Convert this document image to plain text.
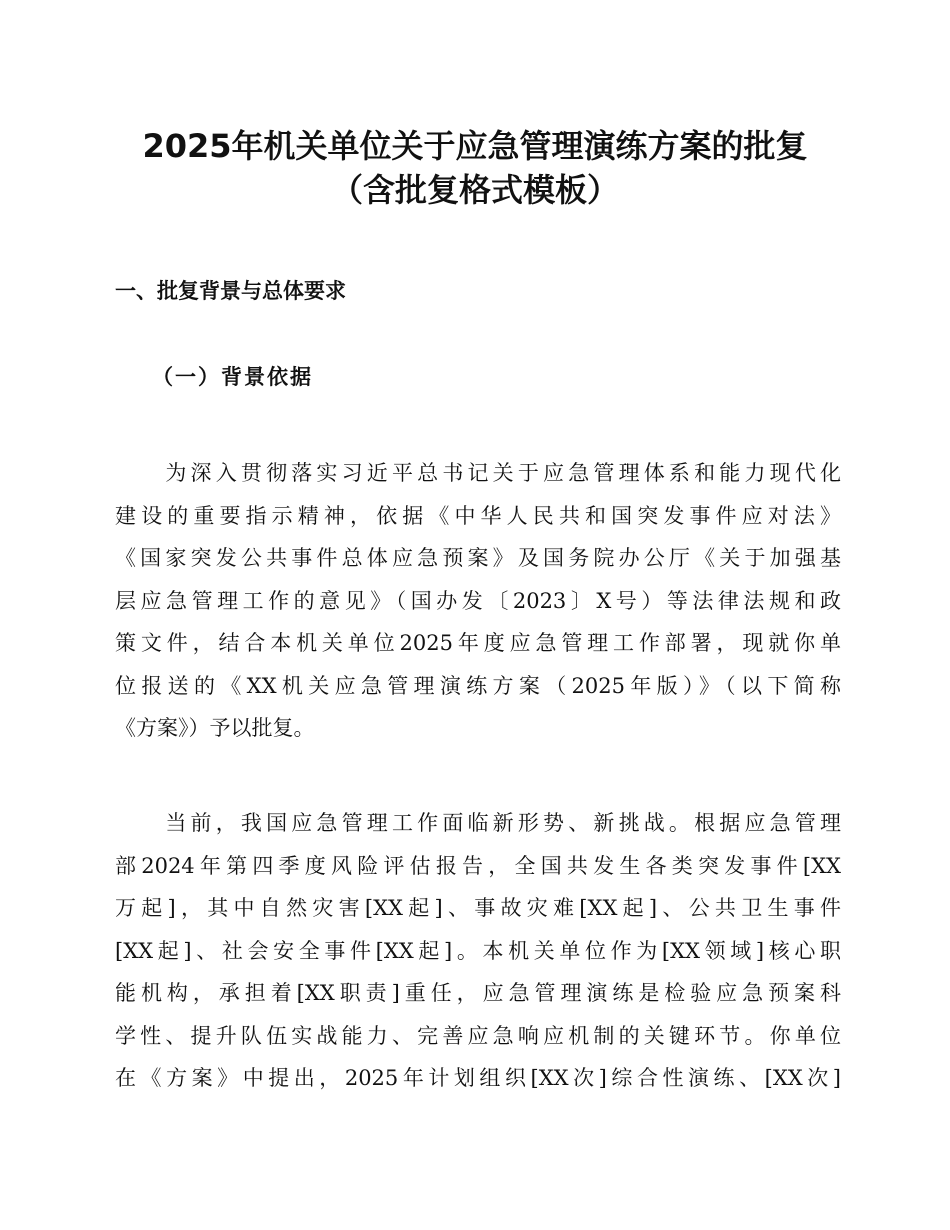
2025年机关单位关于应急管理演练方案的批复
（含批复格式模板）
一、批复背景与总体要求
（一）背景依据
　　为深入贯彻落实习近平总书记关于应急管理体系和能力现代化
建设的重要指示精神，依据《中华人民共和国突发事件应对法》
《国家突发公共事件总体应急预案》及国务院办公厅《关于加强基
层应急管理工作的意见》（国办发〔2023〕X号）等法律法规和政
策文件，结合本机关单位2025年度应急管理工作部署，现就你单
位报送的《XX机关应急管理演练方案（2025年版）》（以下简称
《方案》）予以批复。
　　当前，我国应急管理工作面临新形势、新挑战。根据应急管理
部2024年第四季度风险评估报告，全国共发生各类突发事件[XX
万起]，其中自然灾害[XX起]、事故灾难[XX起]、公共卫生事件
[XX起]、社会安全事件[XX起]。本机关单位作为[XX领域]核心职
能机构，承担着[XX职责]重任，应急管理演练是检验应急预案科
学性、提升队伍实战能力、完善应急响应机制的关键环节。你单位
在《方案》中提出，2025年计划组织[XX次]综合性演练、[XX次]
